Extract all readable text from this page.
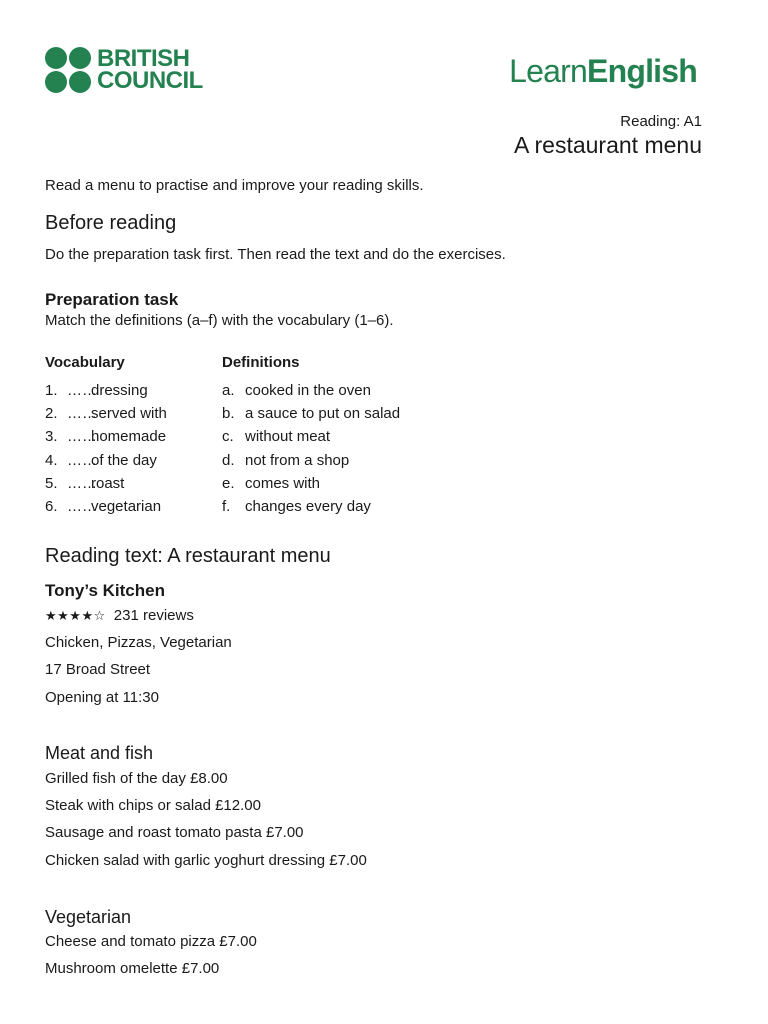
BRITISH
COUNCIL	LearnEnglish
Reading: A1
A restaurant menu
Read a menu to practise and improve your reading skills.
Before reading
Do the preparation task first. Then read the text and do the exercises.
Preparation task
Match the definitions (a–f) with the vocabulary (1–6).
Vocabulary	Definitions
1. ……
dressing
2. ……
served with
3. ……
homemade
4. ……
of the day
5. ……
roast
6. ……
vegetarian
a. cooked in the oven
b. a sauce to put on salad
c. without meat
d. not from a shop
e. comes with
f. changes every day
Reading text: A restaurant menu
Tony’s Kitchen
★★★★☆ 231 reviews
Chicken, Pizzas, Vegetarian
17 Broad Street
Opening at 11:30
Meat and fish
Grilled fish of the day £8.00
Steak with chips or salad £12.00
Sausage and roast tomato pasta £7.00
Chicken salad with garlic yoghurt dressing £7.00
Vegetarian
Cheese and tomato pizza £7.00
Mushroom omelette £7.00
